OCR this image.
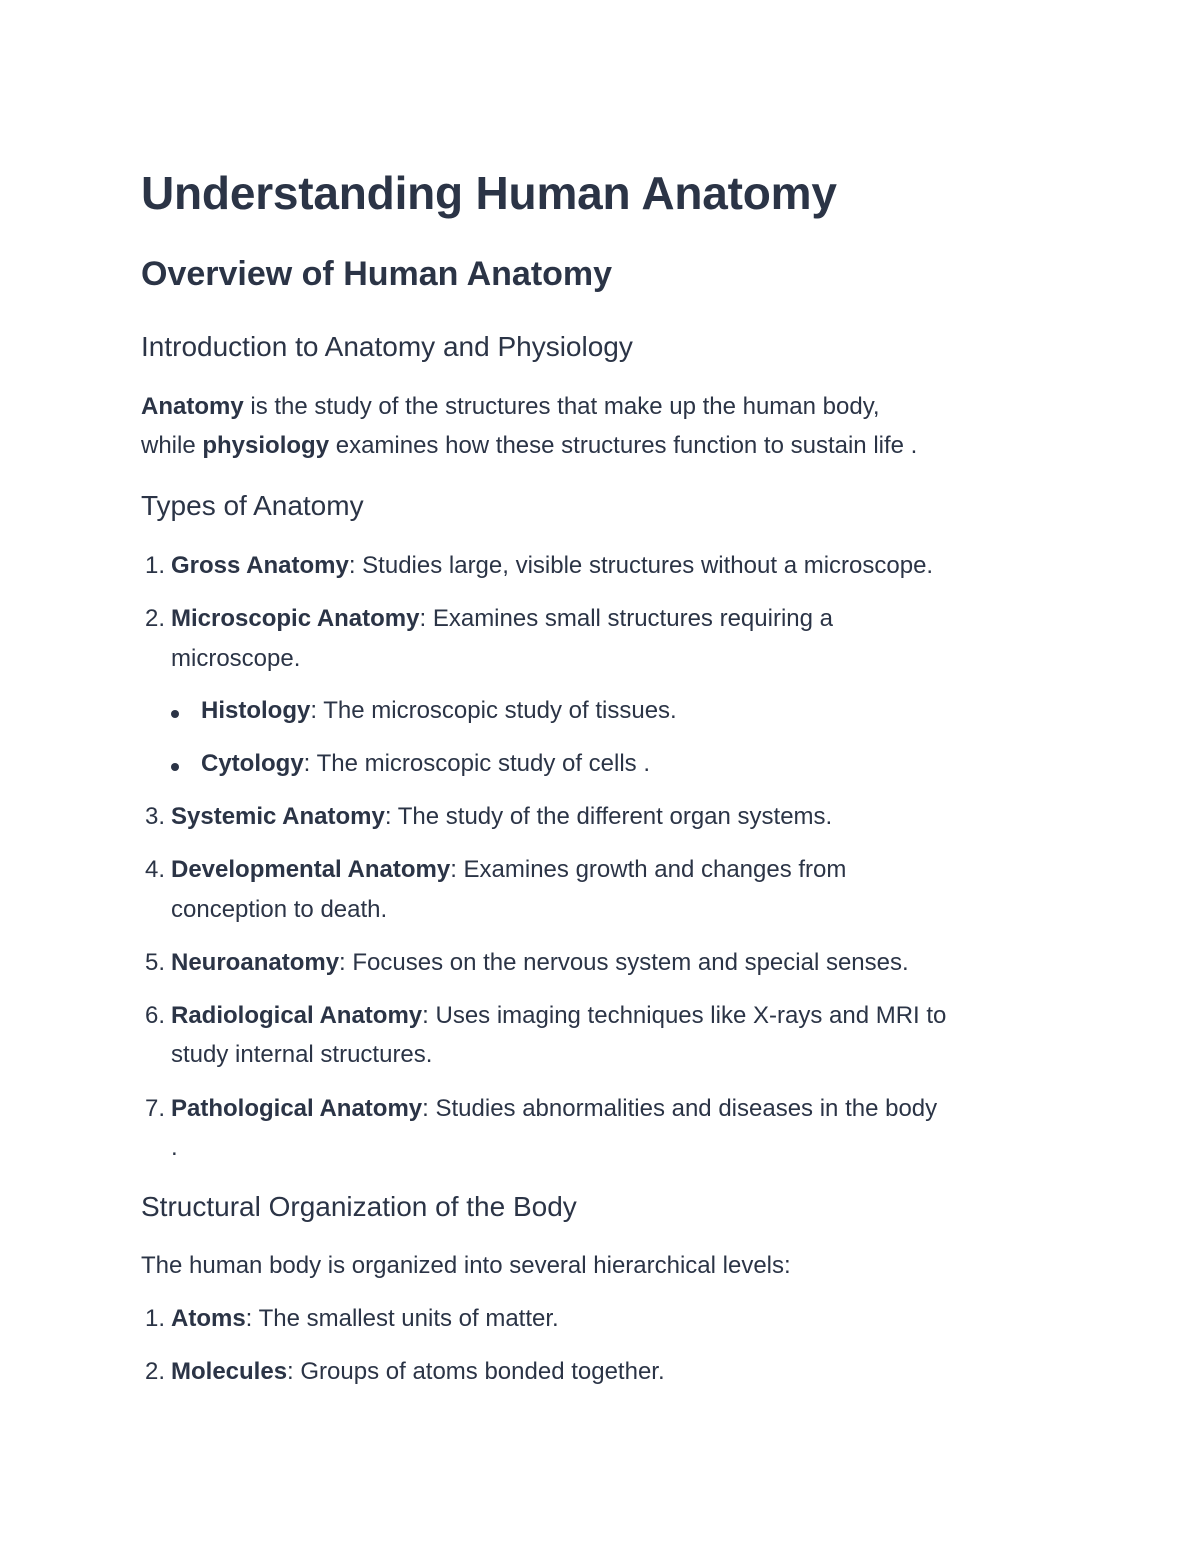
Understanding Human Anatomy
Overview of Human Anatomy
Introduction to Anatomy and Physiology
Anatomy is the study of the structures that make up the human body,
while physiology examines how these structures function to sustain life .
Types of Anatomy
1. Gross Anatomy: Studies large, visible structures without a microscope.
2. Microscopic Anatomy: Examines small structures requiring a
microscope.
Histology: The microscopic study of tissues.
Cytology: The microscopic study of cells .
3. Systemic Anatomy: The study of the different organ systems.
4. Developmental Anatomy: Examines growth and changes from
conception to death.
5. Neuroanatomy: Focuses on the nervous system and special senses.
6. Radiological Anatomy: Uses imaging techniques like X-rays and MRI to
study internal structures.
7. Pathological Anatomy: Studies abnormalities and diseases in the body
.
Structural Organization of the Body
The human body is organized into several hierarchical levels:
1. Atoms: The smallest units of matter.
2. Molecules: Groups of atoms bonded together.
